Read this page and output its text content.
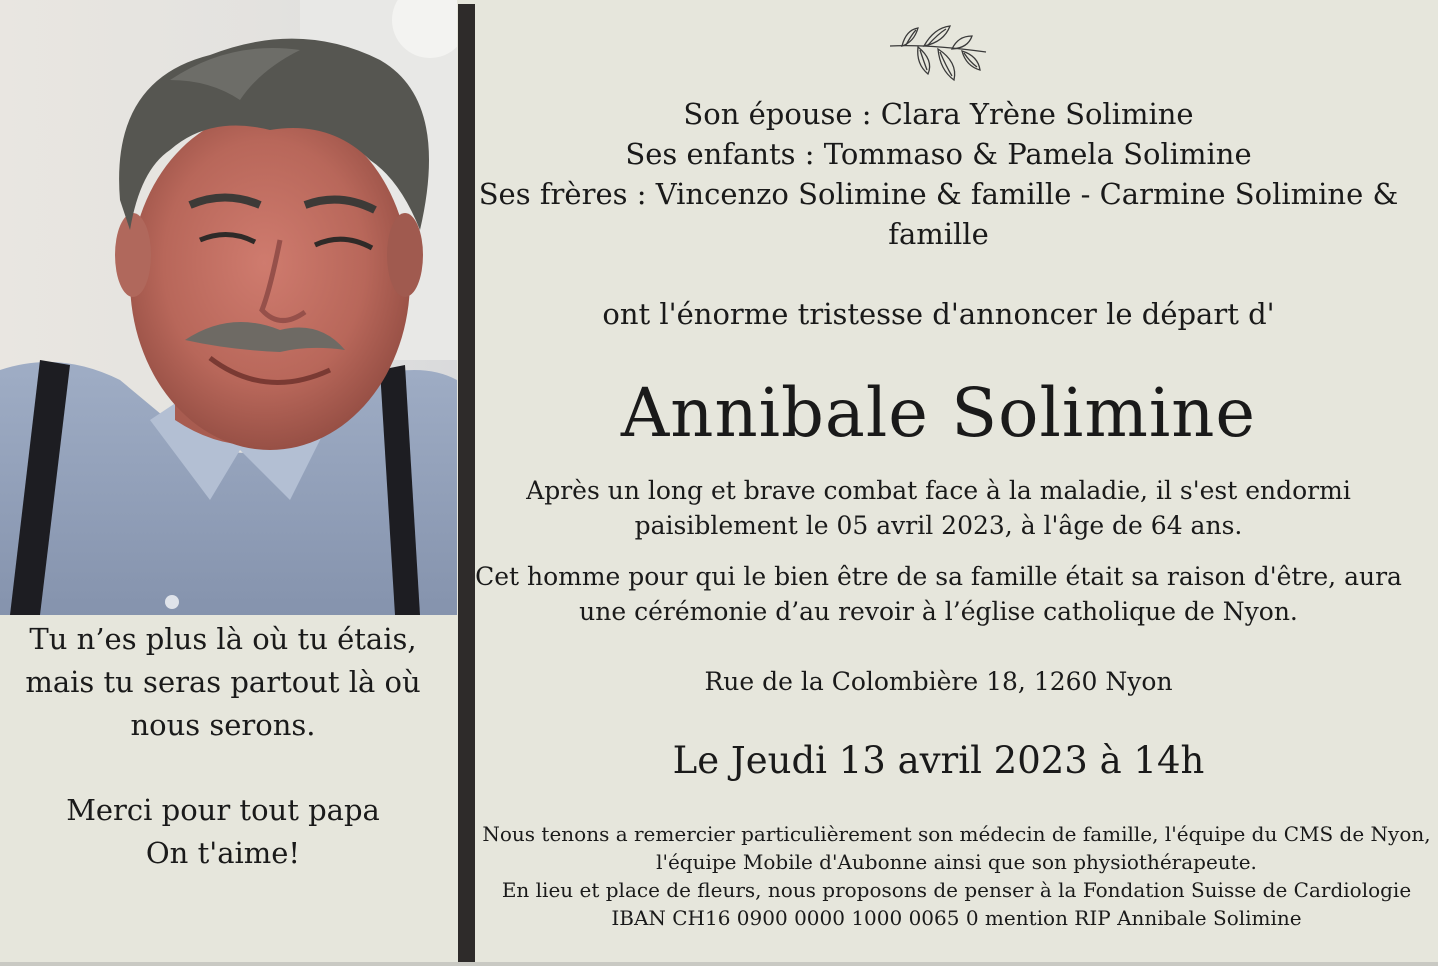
Tu n’es plus là où tu étais,

mais tu seras partout là où

nous serons.

Merci pour tout papa

On t'aime!

Son épouse : Clara Yrène Solimine

Ses enfants : Tommaso & Pamela Solimine

Ses frères : Vincenzo Solimine & famille - Carmine Solimine &

famille

ont l'énorme tristesse d'annoncer le départ d'
Annibale Solimine

Après un long et brave combat face à la maladie, il s'est endormi

paisiblement le 05 avril 2023, à l'âge de 64 ans.

Cet homme pour qui le bien être de sa famille était sa raison d'être, aura

une cérémonie d’au revoir à l’église catholique de Nyon.

Rue de la Colombière 18, 1260 Nyon
Le Jeudi 13 avril 2023 à 14h

Nous tenons a remercier particulièrement son médecin de famille, l'équipe du CMS de Nyon,

l'équipe Mobile d'Aubonne ainsi que son physiothérapeute.

En lieu et place de fleurs, nous proposons de penser à la Fondation Suisse de Cardiologie

IBAN CH16 0900 0000 1000 0065 0 mention RIP Annibale Solimine
